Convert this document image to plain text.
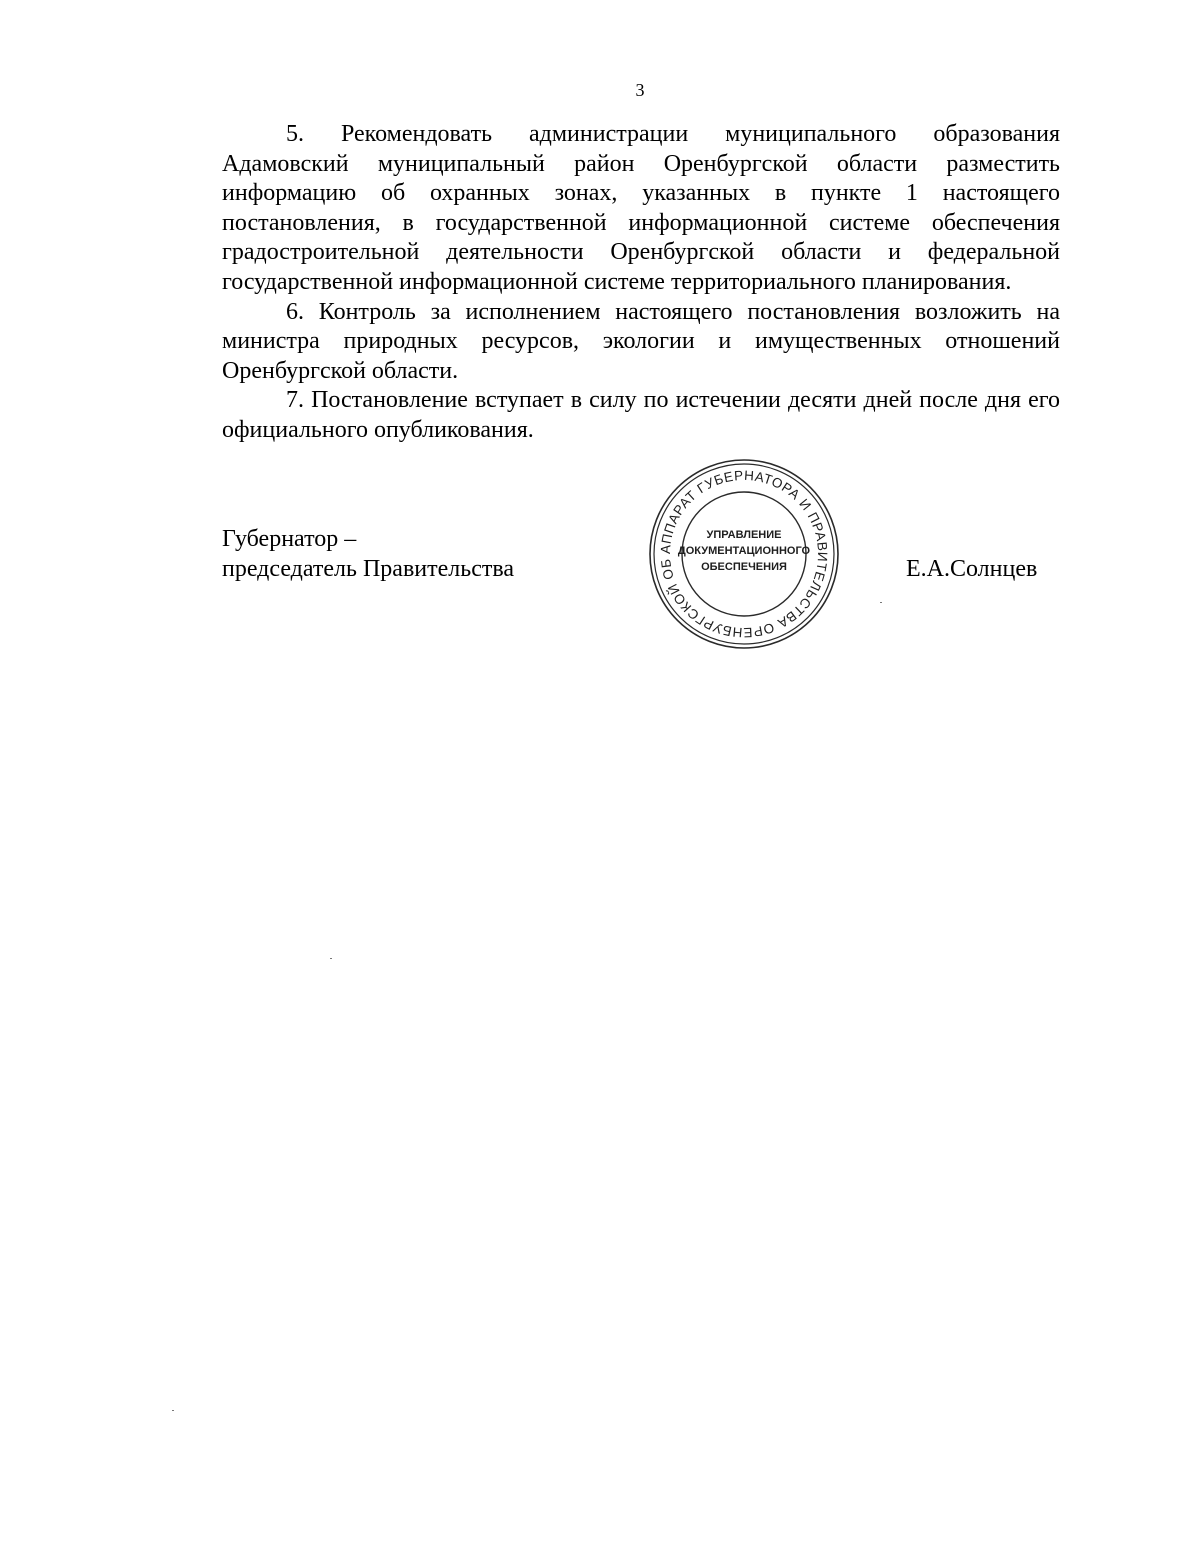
3

5. Рекомендовать администрации муниципального образования Адамовский муниципальный район Оренбургской области разместить информацию об охранных зонах, указанных в пункте 1 настоящего постановления, в государственной информационной системе обеспечения градостроительной деятельности Оренбургской области и федеральной государственной информационной системе территориального планирования.

6. Контроль за исполнением настоящего постановления возложить на министра природных ресурсов, экологии и имущественных отношений Оренбургской области.

7. Постановление вступает в силу по истечении десяти дней после дня его официального опубликования.

Губернатор –
председатель Правительства	Е.А.Солнцев
АППАРАТ ГУБЕРНАТОРА И ПРАВИТЕЛЬСТВА ОРЕНБУРГСКОЙ ОБ
УПРАВЛЕНИЕ
ДОКУМЕНТАЦИОННОГО
ОБЕСПЕЧЕНИЯ
